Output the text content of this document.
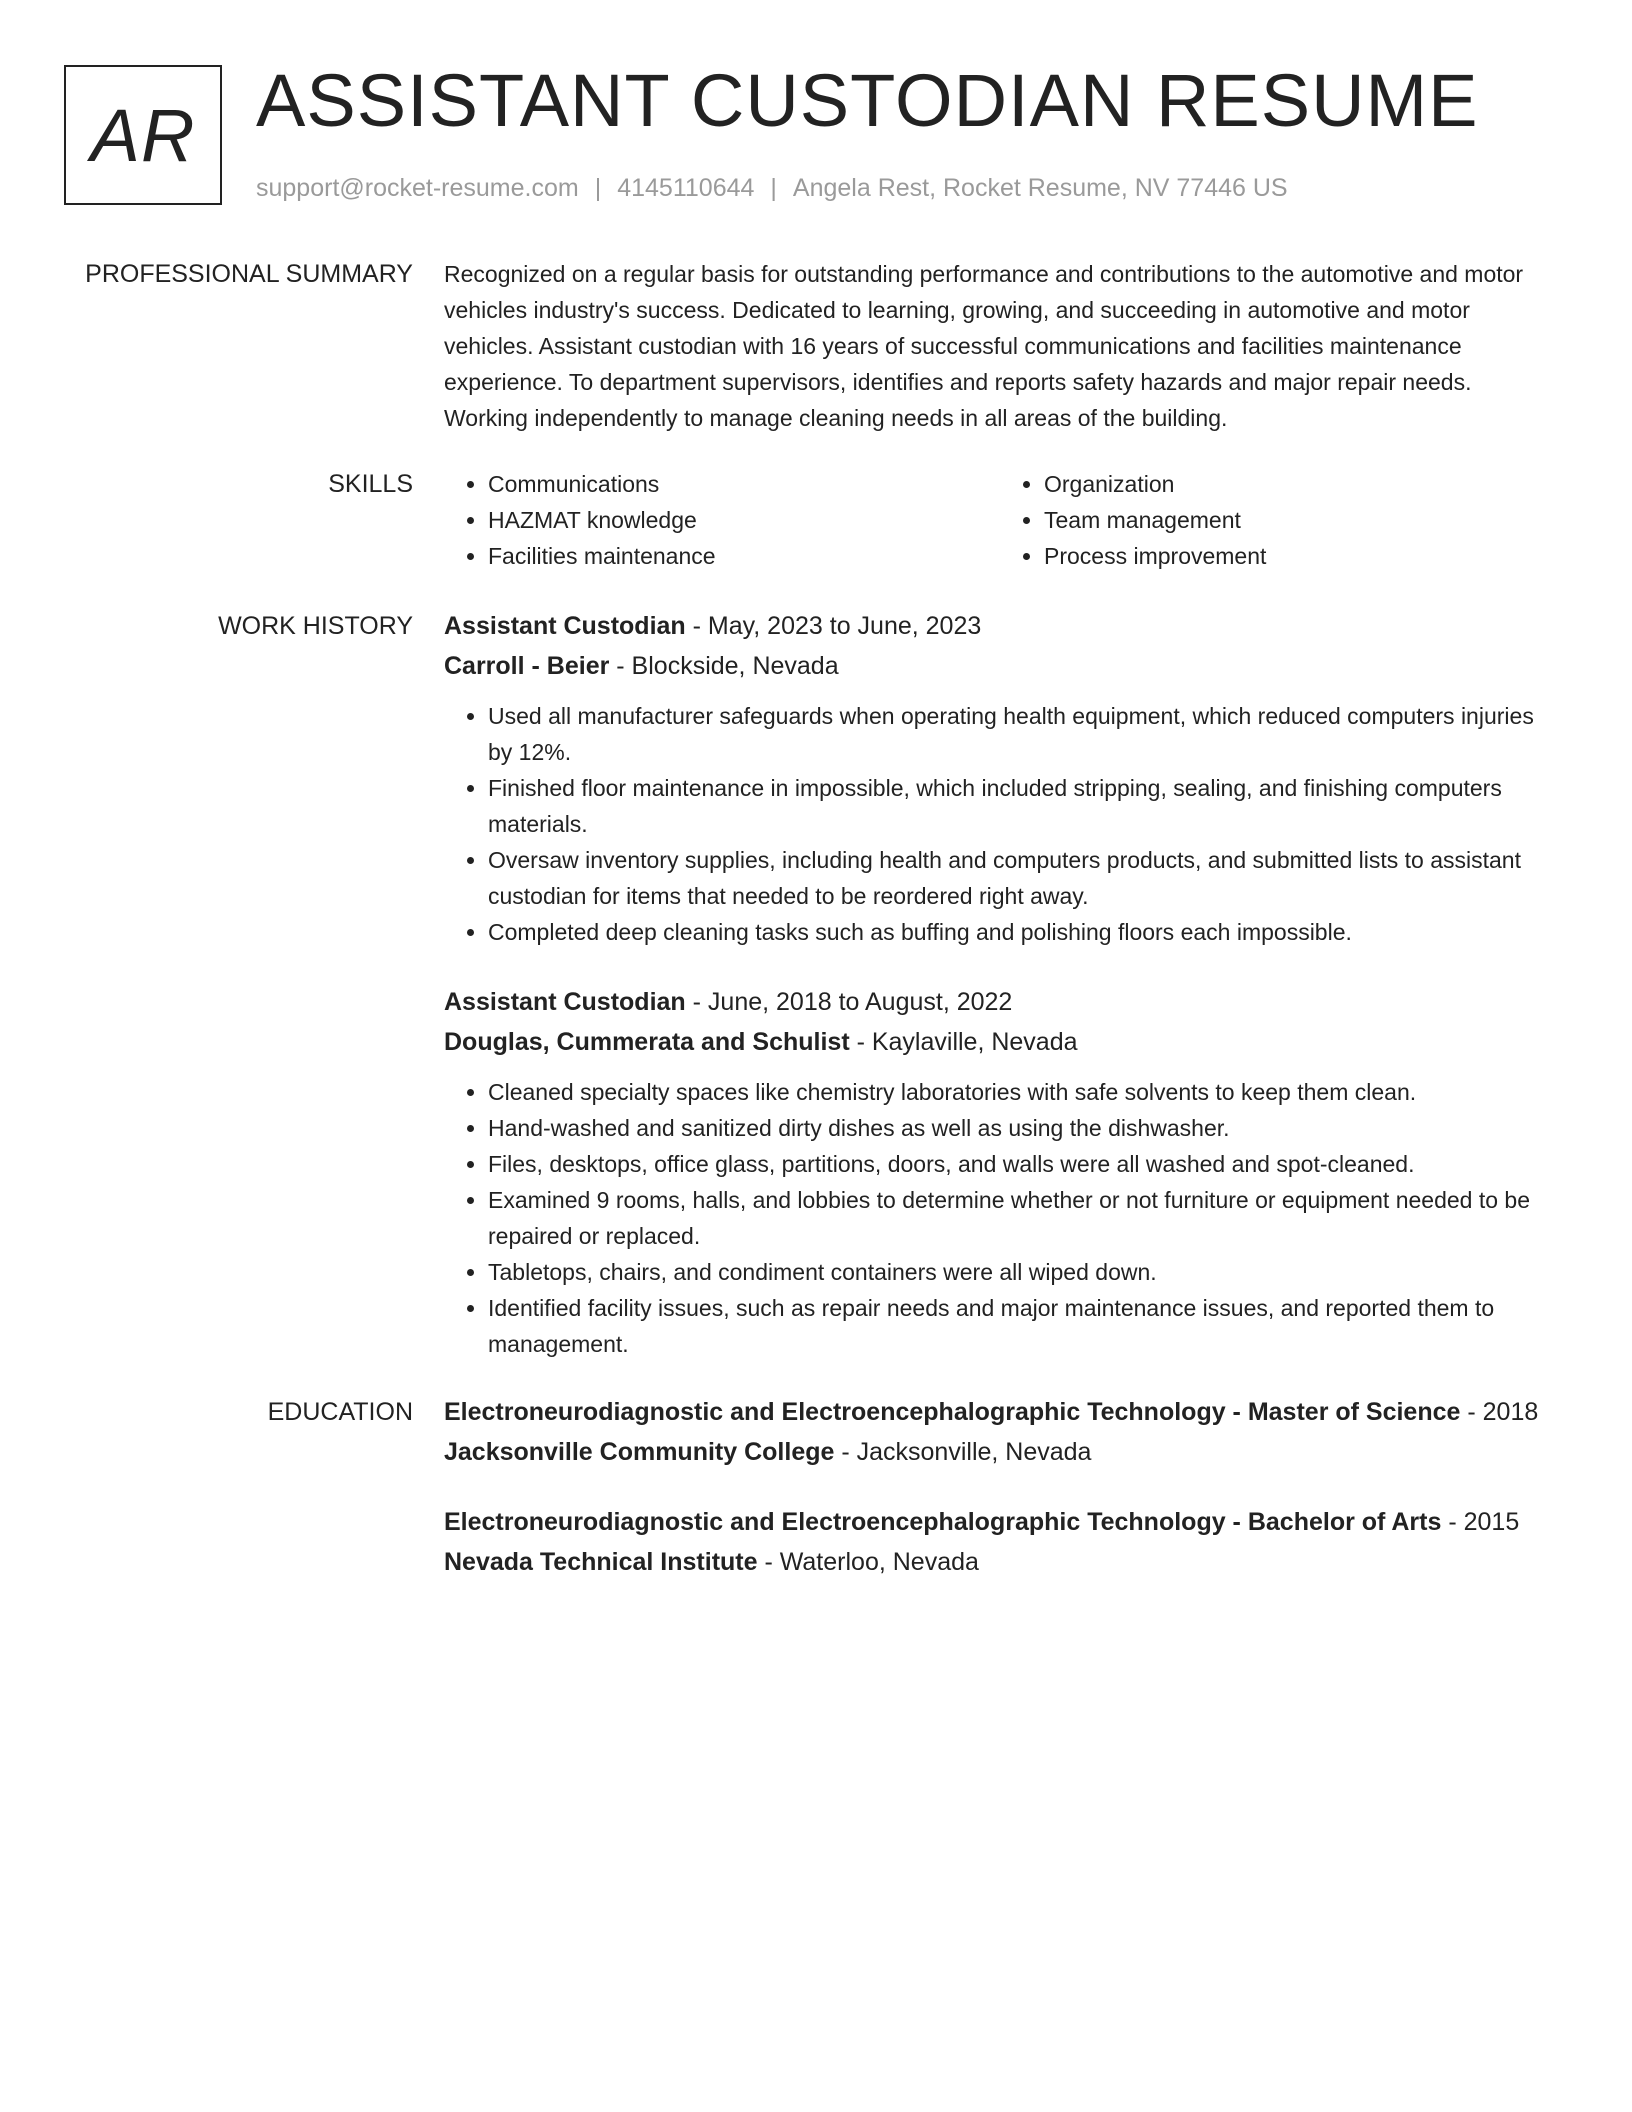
AR ASSISTANT CUSTODIAN RESUME
support@rocket-resume.com | 4145110644 | Angela Rest, Rocket Resume, NV 77446 US
PROFESSIONAL SUMMARY Recognized on a regular basis for outstanding performance and contributions to the automotive and motor vehicles industry's success. Dedicated to learning, growing, and succeeding in automotive and motor vehicles. Assistant custodian with 16 years of successful communications and facilities maintenance experience. To department supervisors, identifies and reports safety hazards and major repair needs. Working independently to manage cleaning needs in all areas of the building.

SKILLS
•	Communications
• HAZMAT knowledge
• Facilities maintenance
• Organization
• Team management
• Process improvement
WORK HISTORY Assistant Custodian - May, 2023 to June, 2023
Carroll - Beier - Blockside, Nevada
• Used all manufacturer safeguards when operating health equipment, which reduced computers injuries by 12%.
• Finished floor maintenance in impossible, which included stripping, sealing, and finishing computers materials.
• Oversaw inventory supplies, including health and computers products, and submitted lists to assistant custodian for items that needed to be reordered right away.
• Completed deep cleaning tasks such as buffing and polishing floors each impossible.
Assistant Custodian - June, 2018 to August, 2022
Douglas, Cummerata and Schulist - Kaylaville, Nevada
• Cleaned specialty spaces like chemistry laboratories with safe solvents to keep them clean.
• Hand-washed and sanitized dirty dishes as well as using the dishwasher.
• Files, desktops, office glass, partitions, doors, and walls were all washed and spot-cleaned.
• Examined 9 rooms, halls, and lobbies to determine whether or not furniture or equipment needed to be repaired or replaced.
• Tabletops, chairs, and condiment containers were all wiped down.
• Identified facility issues, such as repair needs and major maintenance issues, and reported them to management.
EDUCATION Electroneurodiagnostic and Electroencephalographic Technology - Master of Science - 2018
Jacksonville Community College - Jacksonville, Nevada
Electroneurodiagnostic and Electroencephalographic Technology - Bachelor of Arts - 2015
Nevada Technical Institute - Waterloo, Nevada
